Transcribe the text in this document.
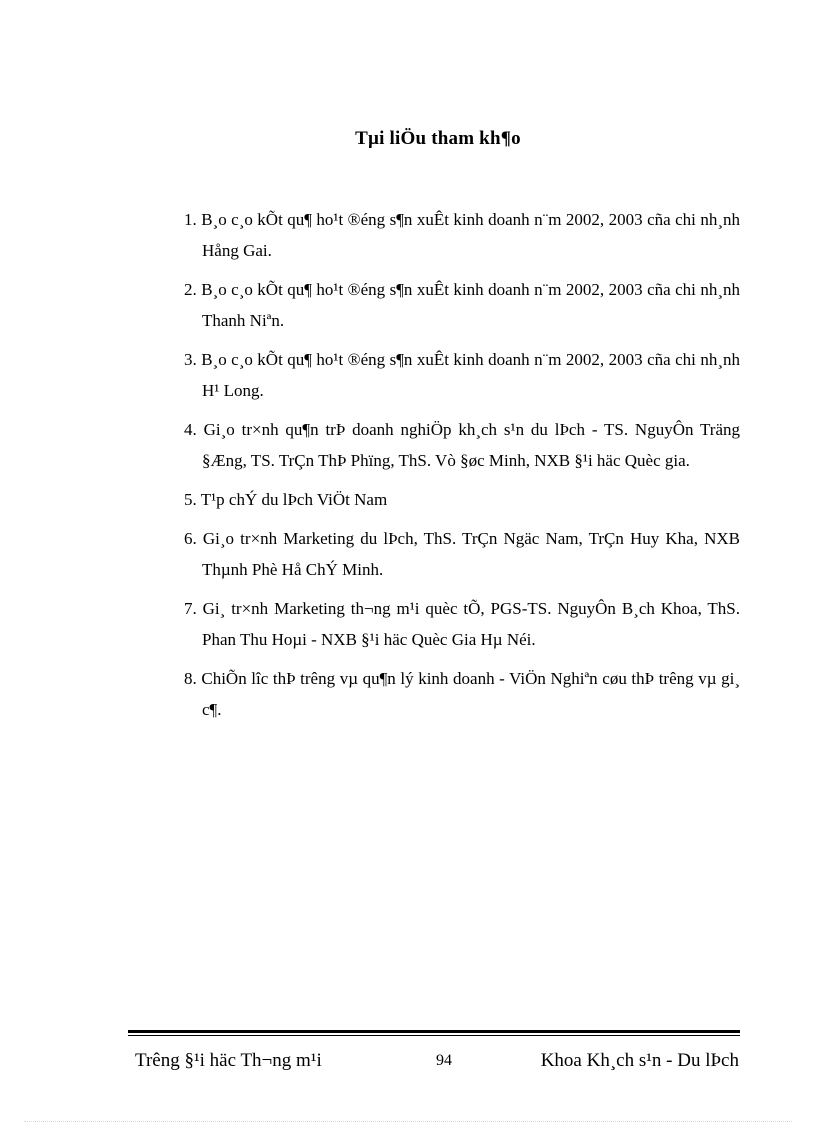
Tµi liÖu tham kh¶o
1. B¸o c¸o kÕt qu¶ ho¹t ®éng s¶n xuÊt kinh doanh n¨m 2002, 2003 cña chi nh¸nh Hång Gai.
2. B¸o c¸o kÕt qu¶ ho¹t ®éng s¶n xuÊt kinh doanh n¨m 2002, 2003 cña chi nh¸nh Thanh Niªn.
3. B¸o c¸o kÕt qu¶ ho¹t ®éng s¶n xuÊt kinh doanh n¨m 2002, 2003 cña chi nh¸nh H¹ Long.
4. Gi¸o tr×nh qu¶n trÞ doanh nghiÖp kh¸ch s¹n du lÞch - TS. NguyÔn Träng §Æng, TS. TrÇn ThÞ Phïng, ThS. Vò §øc Minh, NXB §¹i häc Quèc gia.
5. T¹p chÝ du lÞch ViÖt Nam
6. Gi¸o tr×nh Marketing du lÞch, ThS. TrÇn Ngäc Nam, TrÇn Huy Kha, NXB Thµnh Phè Hå ChÝ Minh.
7. Gi¸ tr×nh Marketing th¬ng m¹i quèc tÕ, PGS-TS. NguyÔn B¸ch Khoa, ThS. Phan Thu Hoµi - NXB §¹i häc Quèc Gia Hµ Néi.
8. ChiÕn lîc thÞ trêng vµ qu¶n lý kinh doanh - ViÖn Nghiªn cøu thÞ trêng vµ gi¸ c¶.
Trêng §¹i häc Th¬ng m¹i	94	Khoa Kh¸ch s¹n - Du lÞch
